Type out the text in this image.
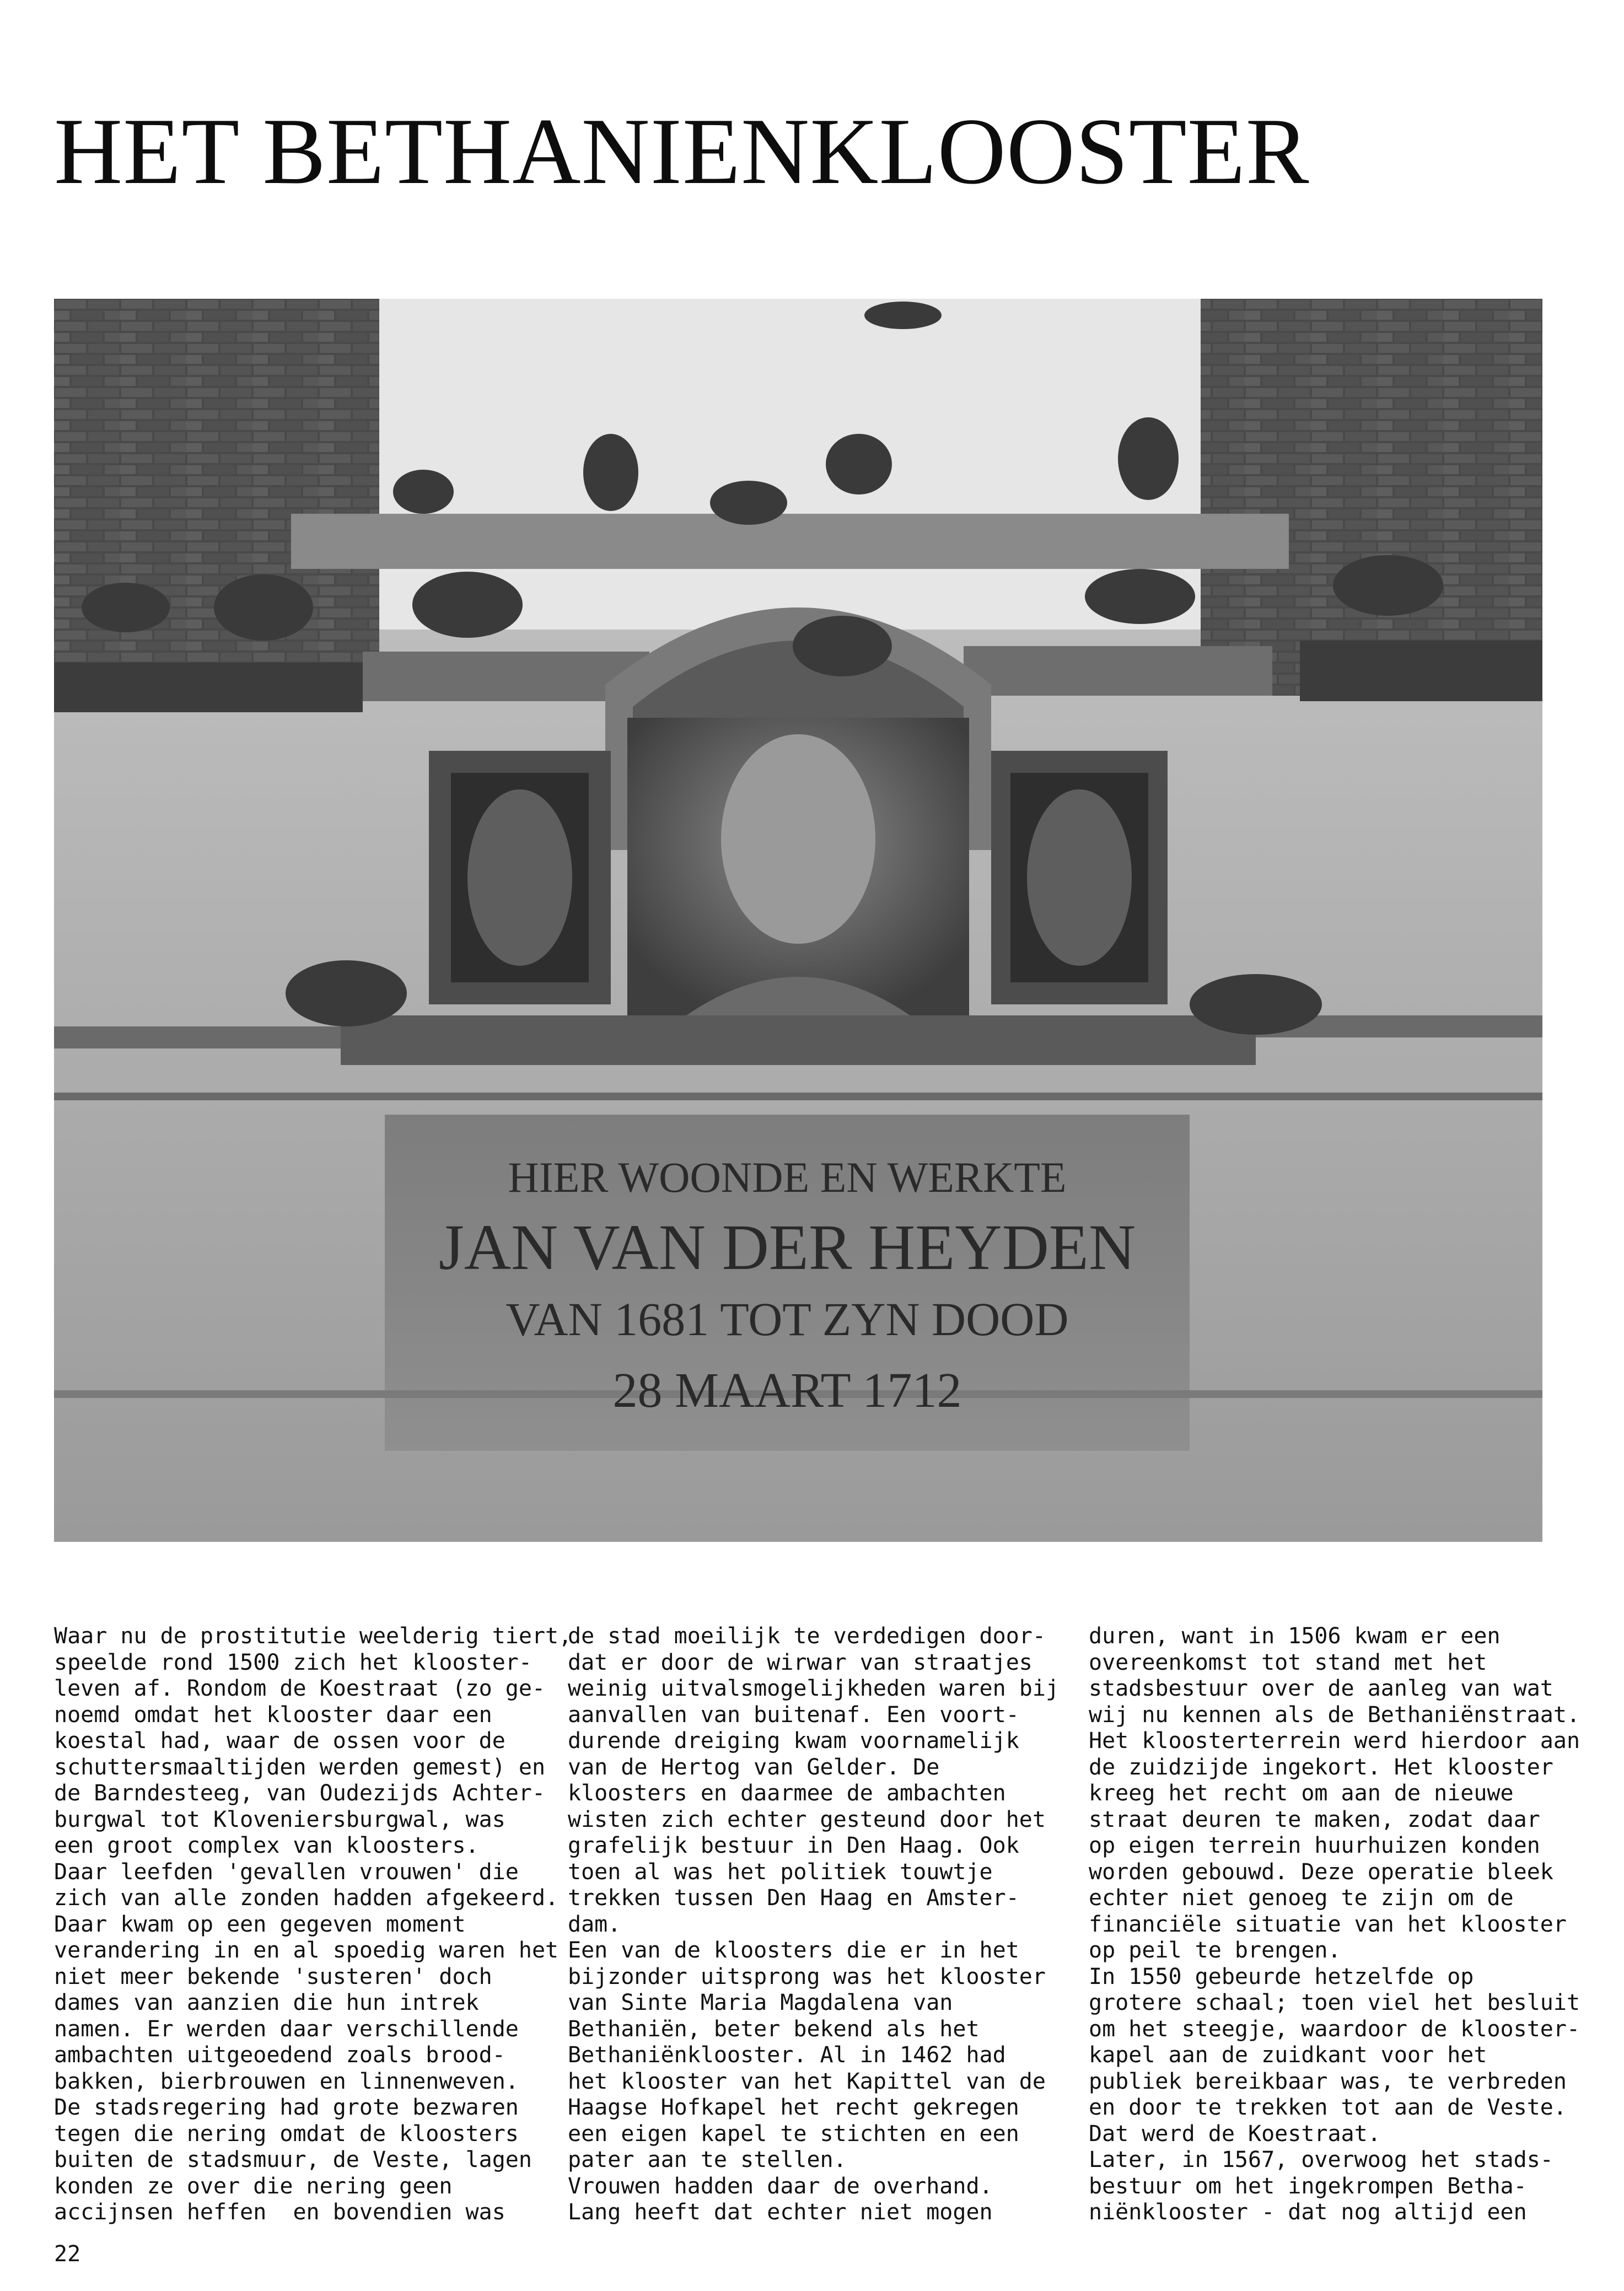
HET BETHANIENKLOOSTER
HIER WOONDE EN WERKTE
JAN VAN DER HEYDEN
VAN 1681 TOT ZYN DOOD
28 MAART 1712

Waar nu de prostitutie weelderig tiert,

speelde rond 1500 zich het klooster-

leven af. Rondom de Koestraat (zo ge-

noemd omdat het klooster daar een

koestal had, waar de ossen voor de

schuttersmaaltijden werden gemest) en

de Barndesteeg, van Oudezijds Achter-

burgwal tot Kloveniersburgwal, was

een groot complex van kloosters.

Daar leefden 'gevallen vrouwen' die

zich van alle zonden hadden afgekeerd.

Daar kwam op een gegeven moment

verandering in en al spoedig waren het

niet meer bekende 'susteren' doch

dames van aanzien die hun intrek

namen. Er werden daar verschillende

ambachten uitgeoedend zoals brood-

bakken, bierbrouwen en linnenweven.

De stadsregering had grote bezwaren

tegen die nering omdat de kloosters

buiten de stadsmuur, de Veste, lagen

konden ze over die nering geen

accijnsen heffen  en bovendien was

de stad moeilijk te verdedigen door-

dat er door de wirwar van straatjes

weinig uitvalsmogelijkheden waren bij

aanvallen van buitenaf. Een voort-

durende dreiging kwam voornamelijk

van de Hertog van Gelder. De

kloosters en daarmee de ambachten

wisten zich echter gesteund door het

grafelijk bestuur in Den Haag. Ook

toen al was het politiek touwtje

trekken tussen Den Haag en Amster-

dam.

Een van de kloosters die er in het

bijzonder uitsprong was het klooster

van Sinte Maria Magdalena van

Bethaniën, beter bekend als het

Bethaniënklooster. Al in 1462 had

het klooster van het Kapittel van de

Haagse Hofkapel het recht gekregen

een eigen kapel te stichten en een

pater aan te stellen.

Vrouwen hadden daar de overhand.

Lang heeft dat echter niet mogen

duren, want in 1506 kwam er een

overeenkomst tot stand met het

stadsbestuur over de aanleg van wat

wij nu kennen als de Bethaniënstraat.

Het kloosterterrein werd hierdoor aan

de zuidzijde ingekort. Het klooster

kreeg het recht om aan de nieuwe

straat deuren te maken, zodat daar

op eigen terrein huurhuizen konden

worden gebouwd. Deze operatie bleek

echter niet genoeg te zijn om de

financiële situatie van het klooster

op peil te brengen.

In 1550 gebeurde hetzelfde op

grotere schaal; toen viel het besluit

om het steegje, waardoor de klooster-

kapel aan de zuidkant voor het

publiek bereikbaar was, te verbreden

en door te trekken tot aan de Veste.

Dat werd de Koestraat.

Later, in 1567, overwoog het stads-

bestuur om het ingekrompen Betha-

niënklooster - dat nog altijd een

22
